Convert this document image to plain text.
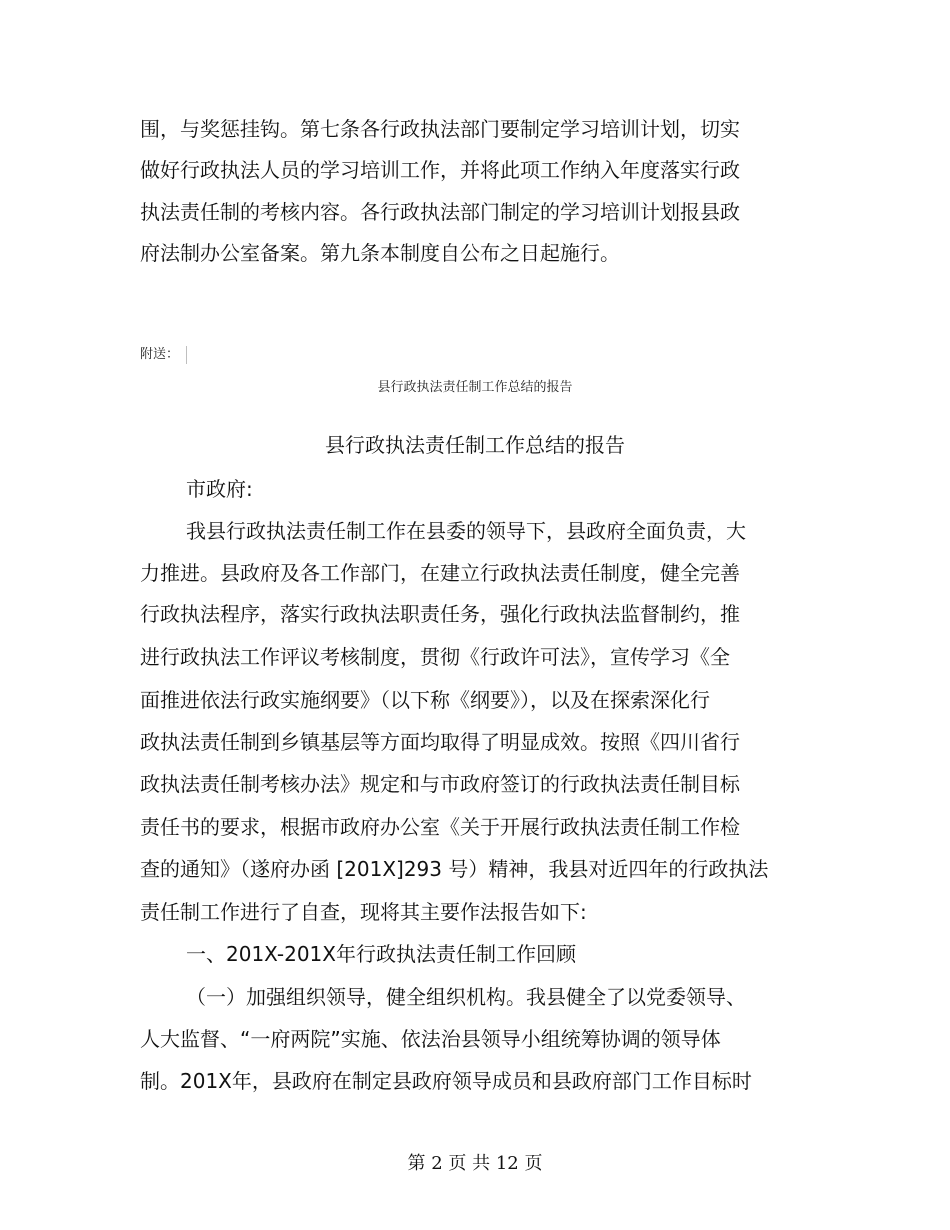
围，与奖惩挂钩。第七条各行政执法部门要制定学习培训计划，切实
做好行政执法人员的学习培训工作，并将此项工作纳入年度落实行政
执法责任制的考核内容。各行政执法部门制定的学习培训计划报县政
府法制办公室备案。第九条本制度自公布之日起施行。
附送：
县行政执法责任制工作总结的报告
县行政执法责任制工作总结的报告
市政府:
我县行政执法责任制工作在县委的领导下，县政府全面负责，大
力推进。县政府及各工作部门，在建立行政执法责任制度，健全完善
行政执法程序，落实行政执法职责任务，强化行政执法监督制约，推
进行政执法工作评议考核制度，贯彻《行政许可法》，宣传学习《全
面推进依法行政实施纲要》（以下称《纲要》），以及在探索深化行
政执法责任制到乡镇基层等方面均取得了明显成效。按照《四川省行
政执法责任制考核办法》规定和与市政府签订的行政执法责任制目标
责任书的要求，根据市政府办公室《关于开展行政执法责任制工作检
查的通知》（遂府办函 [201X]293 号）精神，我县对近四年的行政执法
责任制工作进行了自查，现将其主要作法报告如下:
一、201X-201X年行政执法责任制工作回顾
（一）加强组织领导，健全组织机构。我县健全了以党委领导、
人大监督、“一府两院”实施、依法治县领导小组统筹协调的领导体
制。201X年，县政府在制定县政府领导成员和县政府部门工作目标时
第 2 页 共 12 页
